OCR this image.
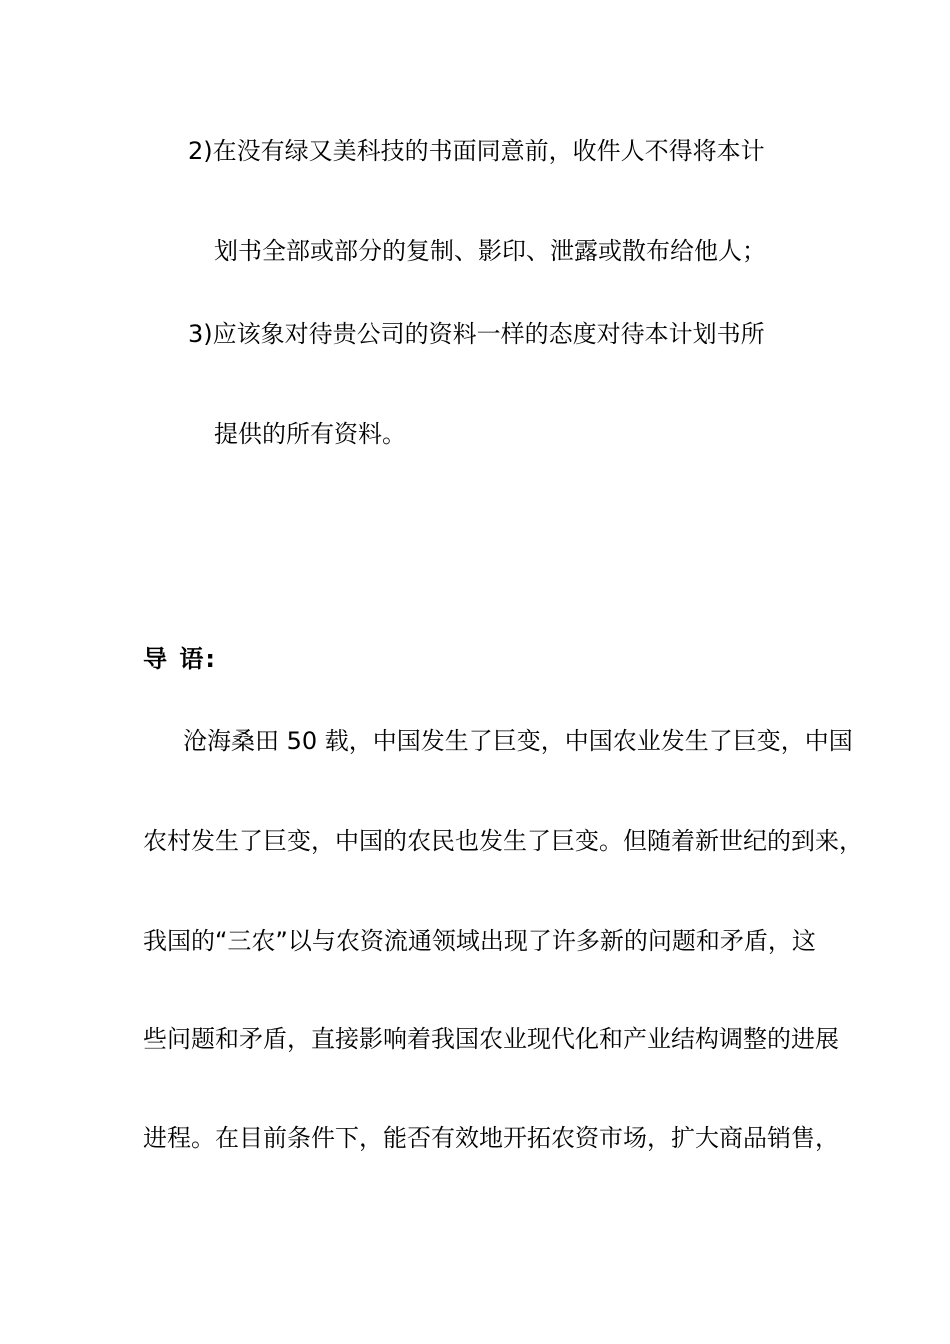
2)在没有绿又美科技的书面同意前，收件人不得将本计
划书全部或部分的复制、影印、泄露或散布给他人；
3)应该象对待贵公司的资料一样的态度对待本计划书所
提供的所有资料。
导 语:
沧海桑田 50 载，中国发生了巨变，中国农业发生了巨变，中国
农村发生了巨变，中国的农民也发生了巨变。但随着新世纪的到来，
我国的“三农”以与农资流通领域出现了许多新的问题和矛盾，这
些问题和矛盾，直接影响着我国农业现代化和产业结构调整的进展
进程。在目前条件下，能否有效地开拓农资市场，扩大商品销售，
